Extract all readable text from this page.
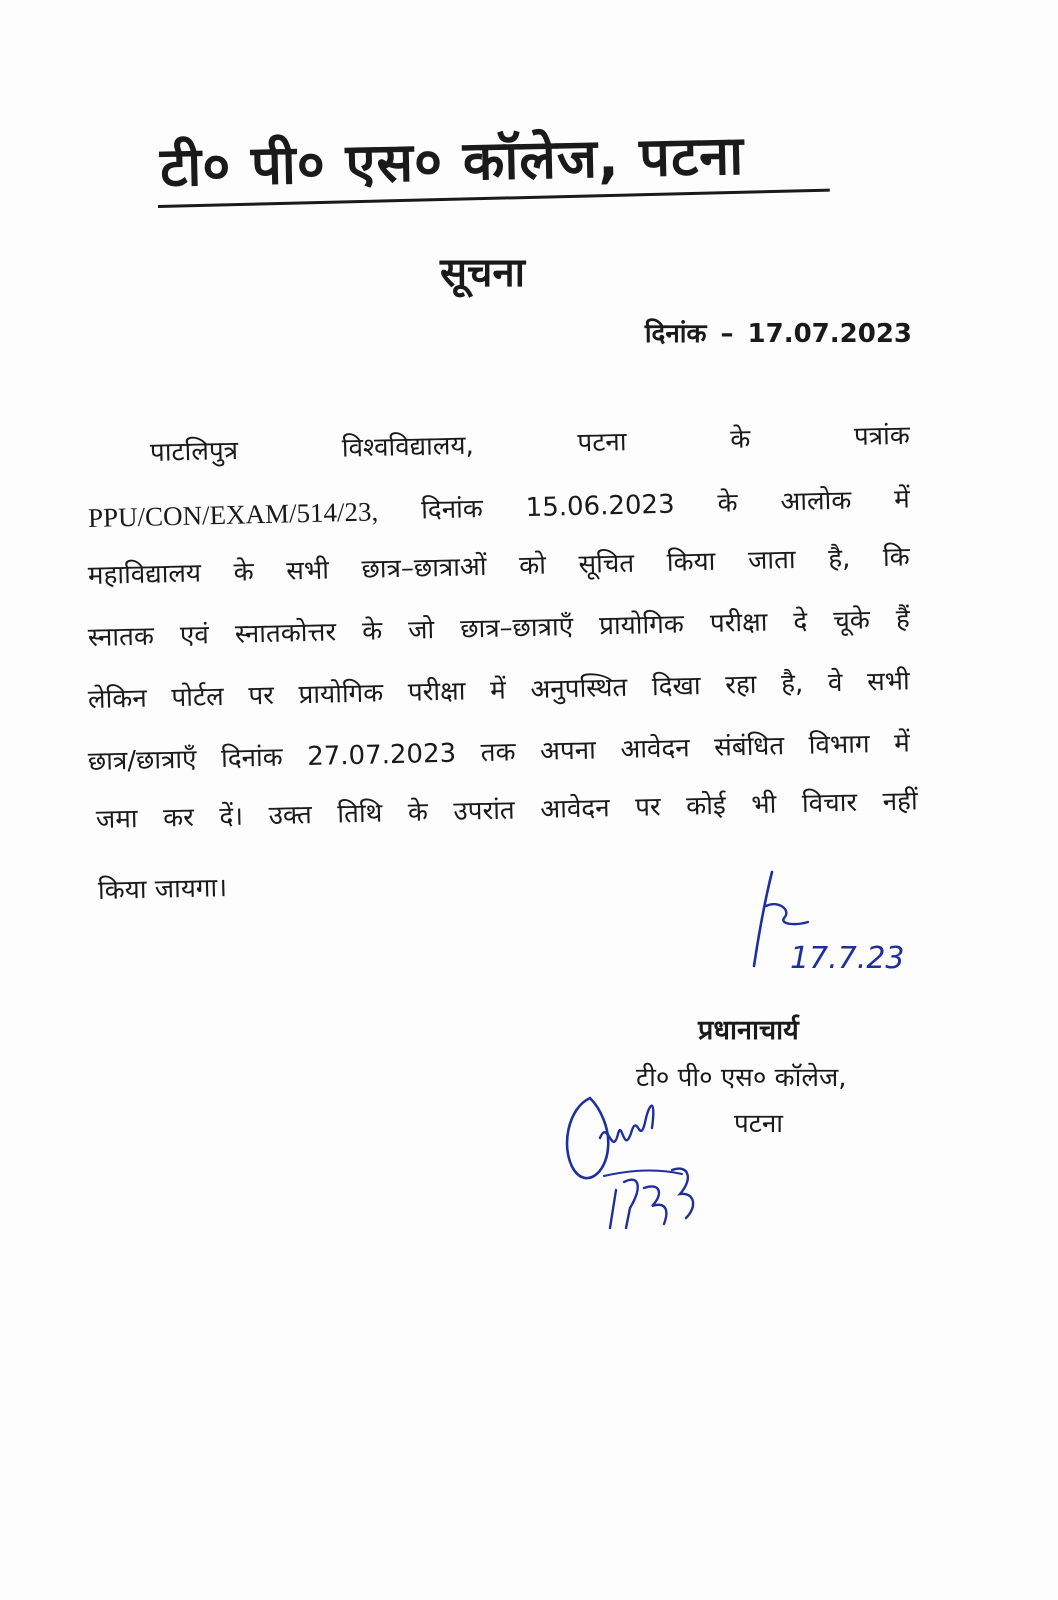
टी० पी० एस० कॉलेज, पटना
सूचना
दिनांक – 17.07.2023
पाटलिपुत्र	विश्वविद्यालय,	पटना	के	पत्रांक
PPU/CON/EXAM/514/23, दिनांक 15.06.2023 के आलोक में
महाविद्यालय के सभी छात्र–छात्राओं को सूचित किया जाता है, कि
स्नातक एवं स्नातकोत्तर के जो छात्र–छात्राएँ प्रायोगिक परीक्षा दे चूके हैं
लेकिन पोर्टल पर प्रायोगिक परीक्षा में अनुपस्थित दिखा रहा है, वे सभी
छात्र/छात्राएँ दिनांक 27.07.2023 तक अपना आवेदन संबंधित विभाग में
जमा कर दें। उक्त तिथि के उपरांत आवेदन पर कोई भी विचार नहीं
किया जायगा।
17.7.23
प्रधानाचार्य
टी० पी० एस० कॉलेज,
पटना
